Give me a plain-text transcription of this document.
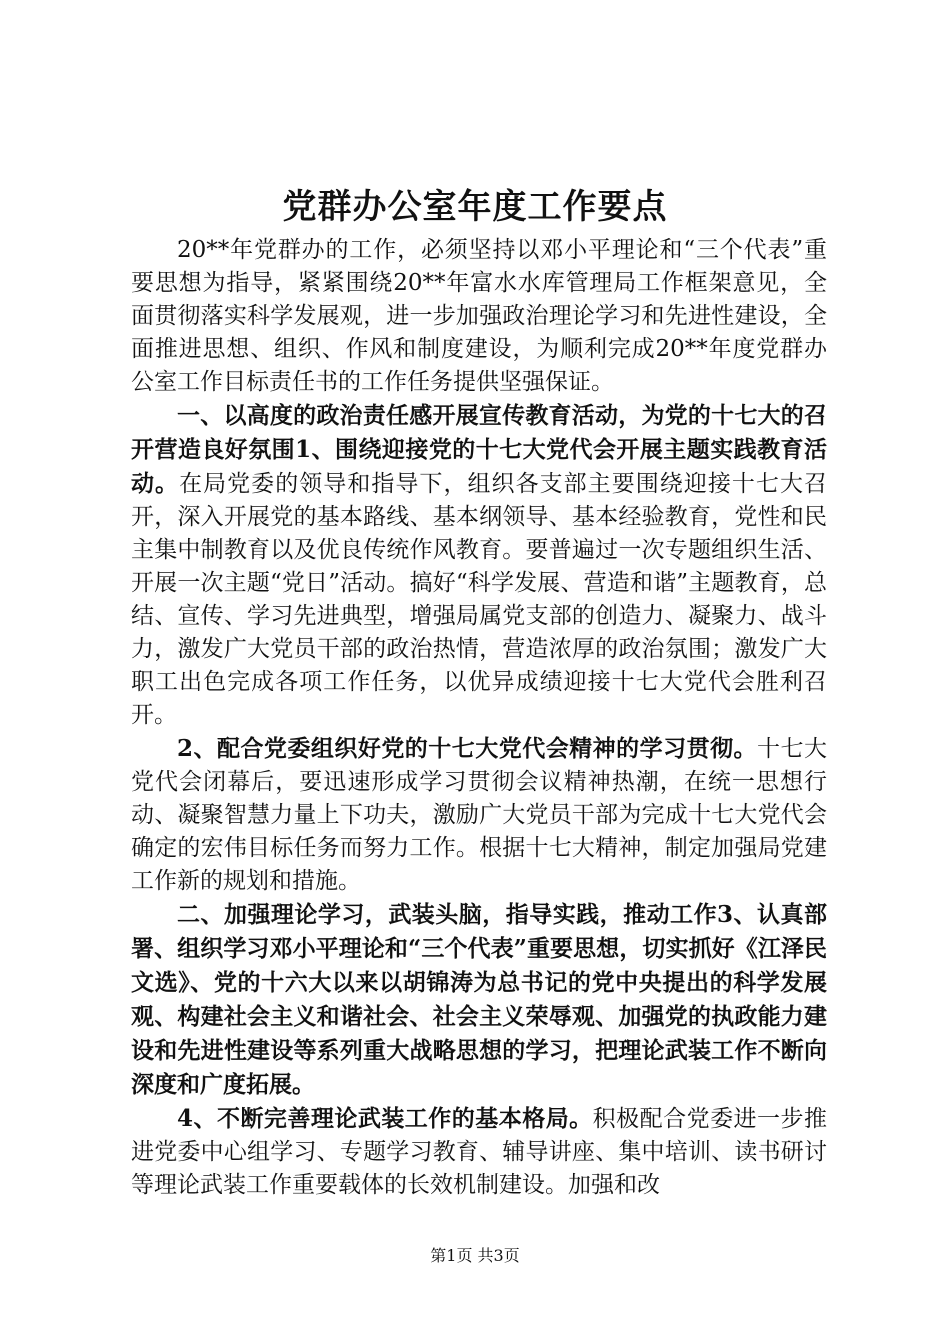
党群办公室年度工作要点

20**年党群办的工作，必须坚持以邓小平理论和“三个代表”重要思想为指导，紧紧围绕20**年富水水库管理局工作框架意见，全面贯彻落实科学发展观，进一步加强政治理论学习和先进性建设，全面推进思想、组织、作风和制度建设，为顺利完成20**年度党群办公室工作目标责任书的工作任务提供坚强保证。

一、以高度的政治责任感开展宣传教育活动，为党的十七大的召开营造良好氛围1、围绕迎接党的十七大党代会开展主题实践教育活动。在局党委的领导和指导下，组织各支部主要围绕迎接十七大召开，深入开展党的基本路线、基本纲领导、基本经验教育，党性和民主集中制教育以及优良传统作风教育。要普遍过一次专题组织生活、开展一次主题“党日”活动。搞好“科学发展、营造和谐”主题教育，总结、宣传、学习先进典型，增强局属党支部的创造力、凝聚力、战斗力，激发广大党员干部的政治热情，营造浓厚的政治氛围；激发广大职工出色完成各项工作任务，以优异成绩迎接十七大党代会胜利召开。

2、配合党委组织好党的十七大党代会精神的学习贯彻。十七大党代会闭幕后，要迅速形成学习贯彻会议精神热潮，在统一思想行动、凝聚智慧力量上下功夫，激励广大党员干部为完成十七大党代会确定的宏伟目标任务而努力工作。根据十七大精神，制定加强局党建工作新的规划和措施。

二、加强理论学习，武装头脑，指导实践，推动工作3、认真部署、组织学习邓小平理论和“三个代表”重要思想，切实抓好《江泽民文选》、党的十六大以来以胡锦涛为总书记的党中央提出的科学发展观、构建社会主义和谐社会、社会主义荣辱观、加强党的执政能力建设和先进性建设等系列重大战略思想的学习，把理论武装工作不断向深度和广度拓展。

4、不断完善理论武装工作的基本格局。积极配合党委进一步推进党委中心组学习、专题学习教育、辅导讲座、集中培训、读书研讨等理论武装工作重要载体的长效机制建设。加强和改

第1页 共3页
